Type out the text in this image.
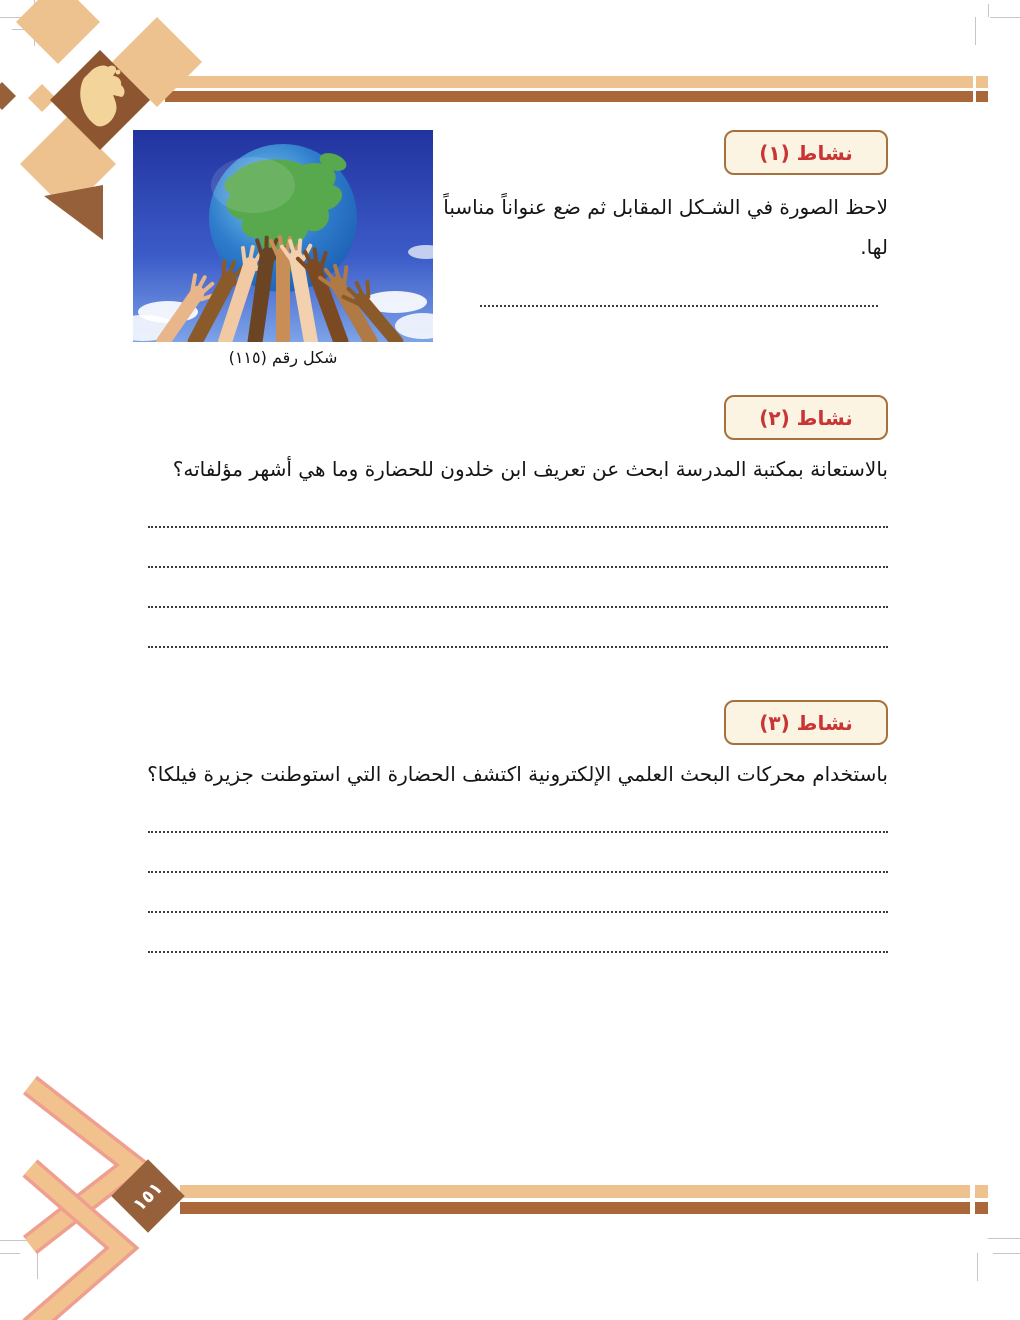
شكل رقم (١١٥)
نشاط (١)
لاحظ الصورة في الشـكل المقابل ثم ضع عنواناً مناسباً لها.
نشاط (٢)
بالاستعانة بمكتبة المدرسة ابحث عن تعريف ابن خلدون للحضارة وما هي أشهر مؤلفاته؟
نشاط (٣)
باستخدام محركات البحث العلمي الإلكترونية اكتشف الحضارة التي استوطنت جزيرة فيلكا؟
١٥١
